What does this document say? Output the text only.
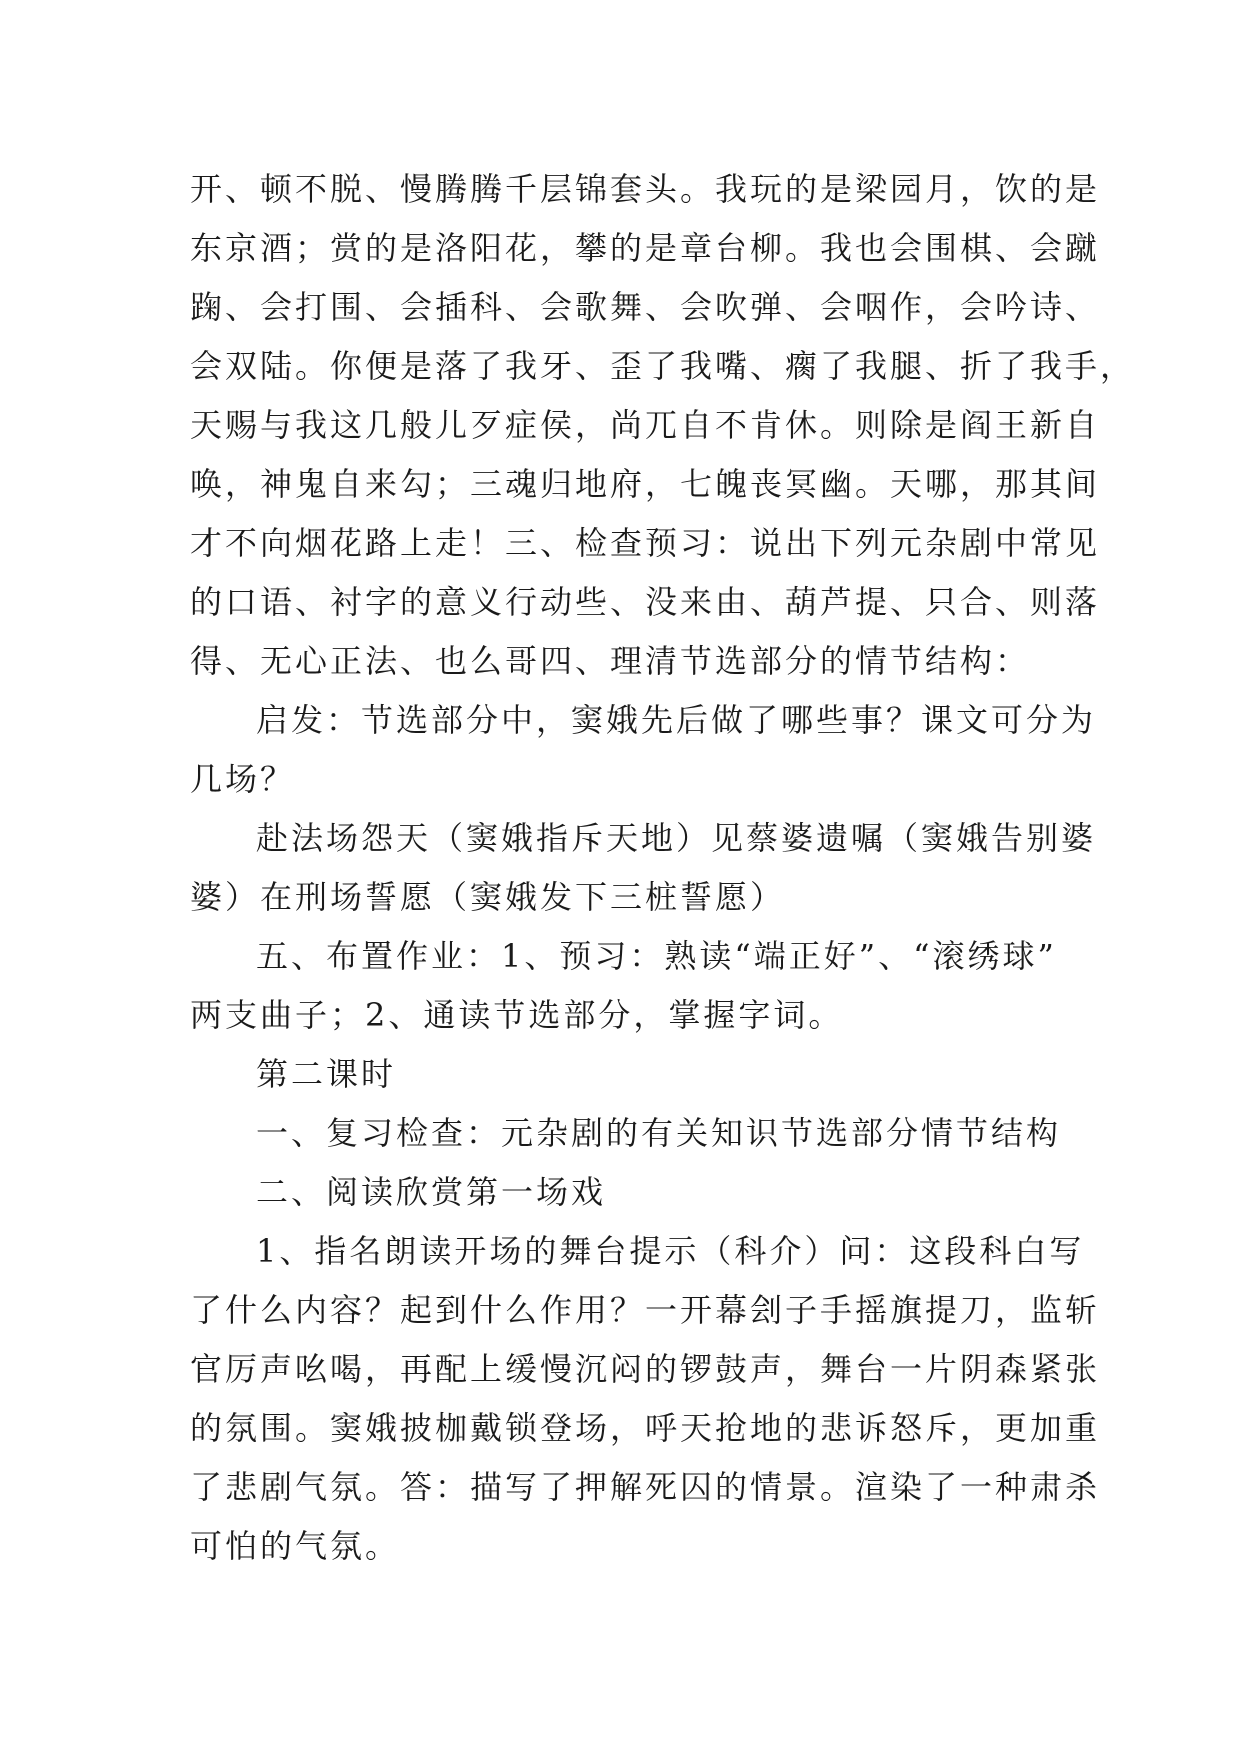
开、顿不脱、慢腾腾千层锦套头。我玩的是梁园月，饮的是

东京酒；赏的是洛阳花，攀的是章台柳。我也会围棋、会蹴

踘、会打围、会插科、会歌舞、会吹弹、会咽作，会吟诗、

会双陆。你便是落了我牙、歪了我嘴、瘸了我腿、折了我手，

天赐与我这几般儿歹症侯，尚兀自不肯休。则除是阎王新自

唤，神鬼自来勾；三魂归地府，七魄丧冥幽。天哪，那其间

才不向烟花路上走！三、检查预习：说出下列元杂剧中常见

的口语、衬字的意义行动些、没来由、葫芦提、只合、则落

得、无心正法、也么哥四、理清节选部分的情节结构：

启发：节选部分中，窦娥先后做了哪些事？课文可分为

几场？

赴法场怨天（窦娥指斥天地）见蔡婆遗嘱（窦娥告别婆

婆）在刑场誓愿（窦娥发下三桩誓愿）

五、布置作业：1、预习：熟读“端正好”、“滚绣球”

两支曲子；2、通读节选部分，掌握字词。

第二课时

一、复习检查：元杂剧的有关知识节选部分情节结构

二、阅读欣赏第一场戏

1、指名朗读开场的舞台提示（科介）问：这段科白写

了什么内容？起到什么作用？一开幕刽子手摇旗提刀，监斩

官厉声吆喝，再配上缓慢沉闷的锣鼓声，舞台一片阴森紧张

的氛围。窦娥披枷戴锁登场，呼天抢地的悲诉怒斥，更加重

了悲剧气氛。答：描写了押解死囚的情景。渲染了一种肃杀

可怕的气氛。
